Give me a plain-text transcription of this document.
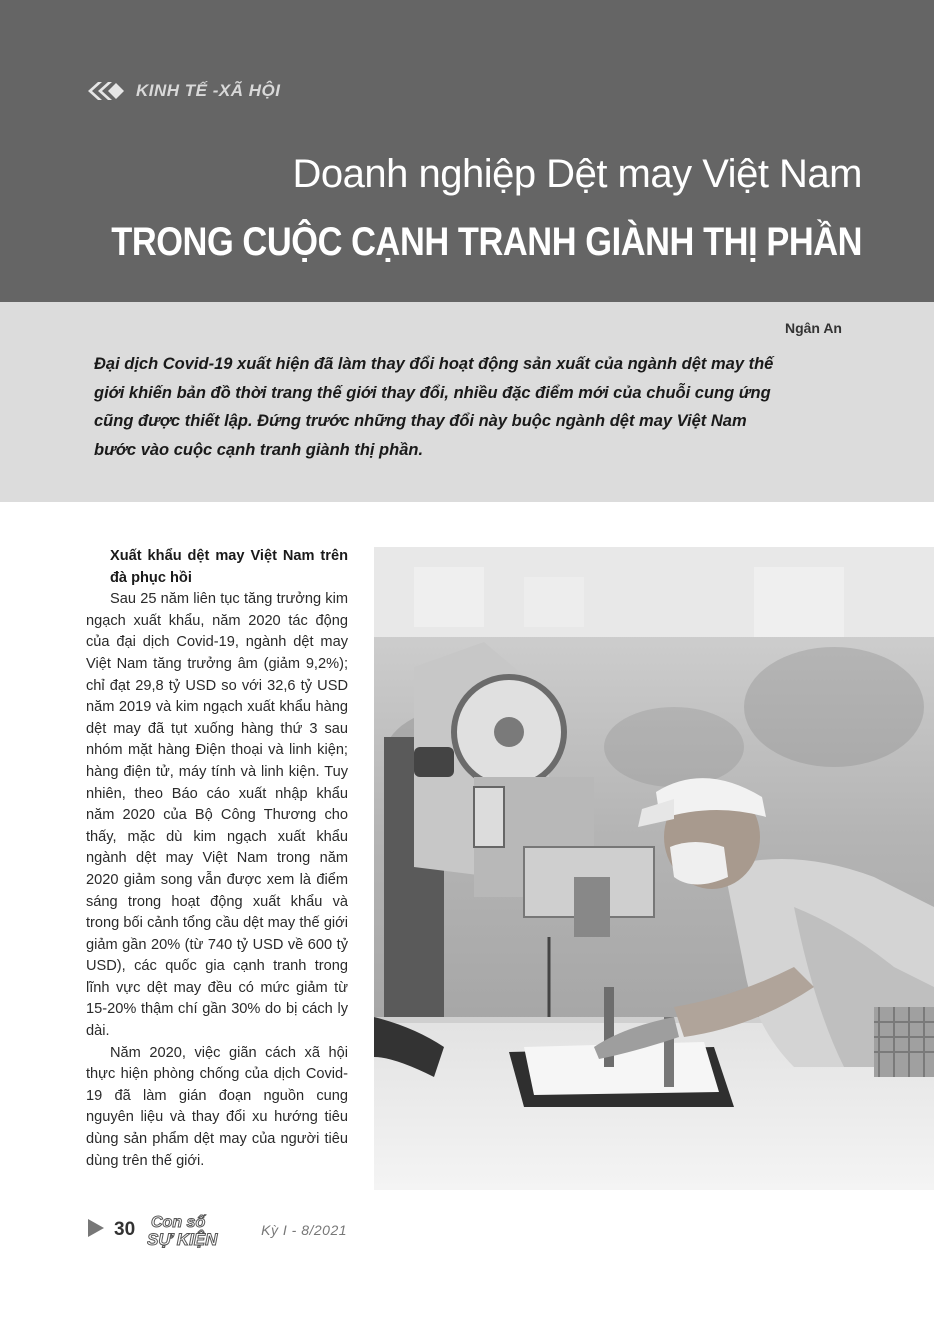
KINH TẾ -XÃ HỘI
Doanh nghiệp Dệt may Việt Nam
TRONG CUỘC CẠNH TRANH GIÀNH THỊ PHẦN
Ngân An

Đại dịch Covid-19 xuất hiện đã làm thay đổi hoạt động sản xuất của ngành dệt may thế giới khiến bản đồ thời trang thế giới thay đổi, nhiều đặc điểm mới của chuỗi cung ứng cũng được thiết lập. Đứng trước những thay đổi này buộc ngành dệt may Việt Nam bước vào cuộc cạnh tranh giành thị phần.

Xuất khẩu dệt may Việt Nam trên đà phục hồi

Sau 25 năm liên tục tăng trưởng kim ngạch xuất khẩu, năm 2020 tác động của đại dịch Covid-19, ngành dệt may Việt Nam tăng trưởng âm (giảm 9,2%); chỉ đạt 29,8 tỷ USD so với 32,6 tỷ USD năm 2019 và kim ngạch xuất khẩu hàng dệt may đã tụt xuống hàng thứ 3 sau nhóm mặt hàng Điện thoại và linh kiện; hàng điện tử, máy tính và linh kiện. Tuy nhiên, theo Báo cáo xuất nhập khẩu năm 2020 của Bộ Công Thương cho thấy, mặc dù kim ngạch xuất khẩu ngành dệt may Việt Nam trong năm 2020 giảm song vẫn được xem là điểm sáng trong hoạt động xuất khẩu và trong bối cảnh tổng cầu dệt may thế giới giảm gần 20% (từ 740 tỷ USD về 600 tỷ USD), các quốc gia cạnh tranh trong lĩnh vực dệt may đều có mức giảm từ 15-20% thậm chí gần 30% do bị cách ly dài.

Năm 2020, việc giãn cách xã hội thực hiện phòng chống của dịch Covid-19 đã làm gián đoạn nguồn cung nguyên liệu và thay đổi xu hướng tiêu dùng sản phẩm dệt may của người tiêu dùng trên thế giới.

30 Con số
SỰ KIỆN	Kỳ I - 8/2021
